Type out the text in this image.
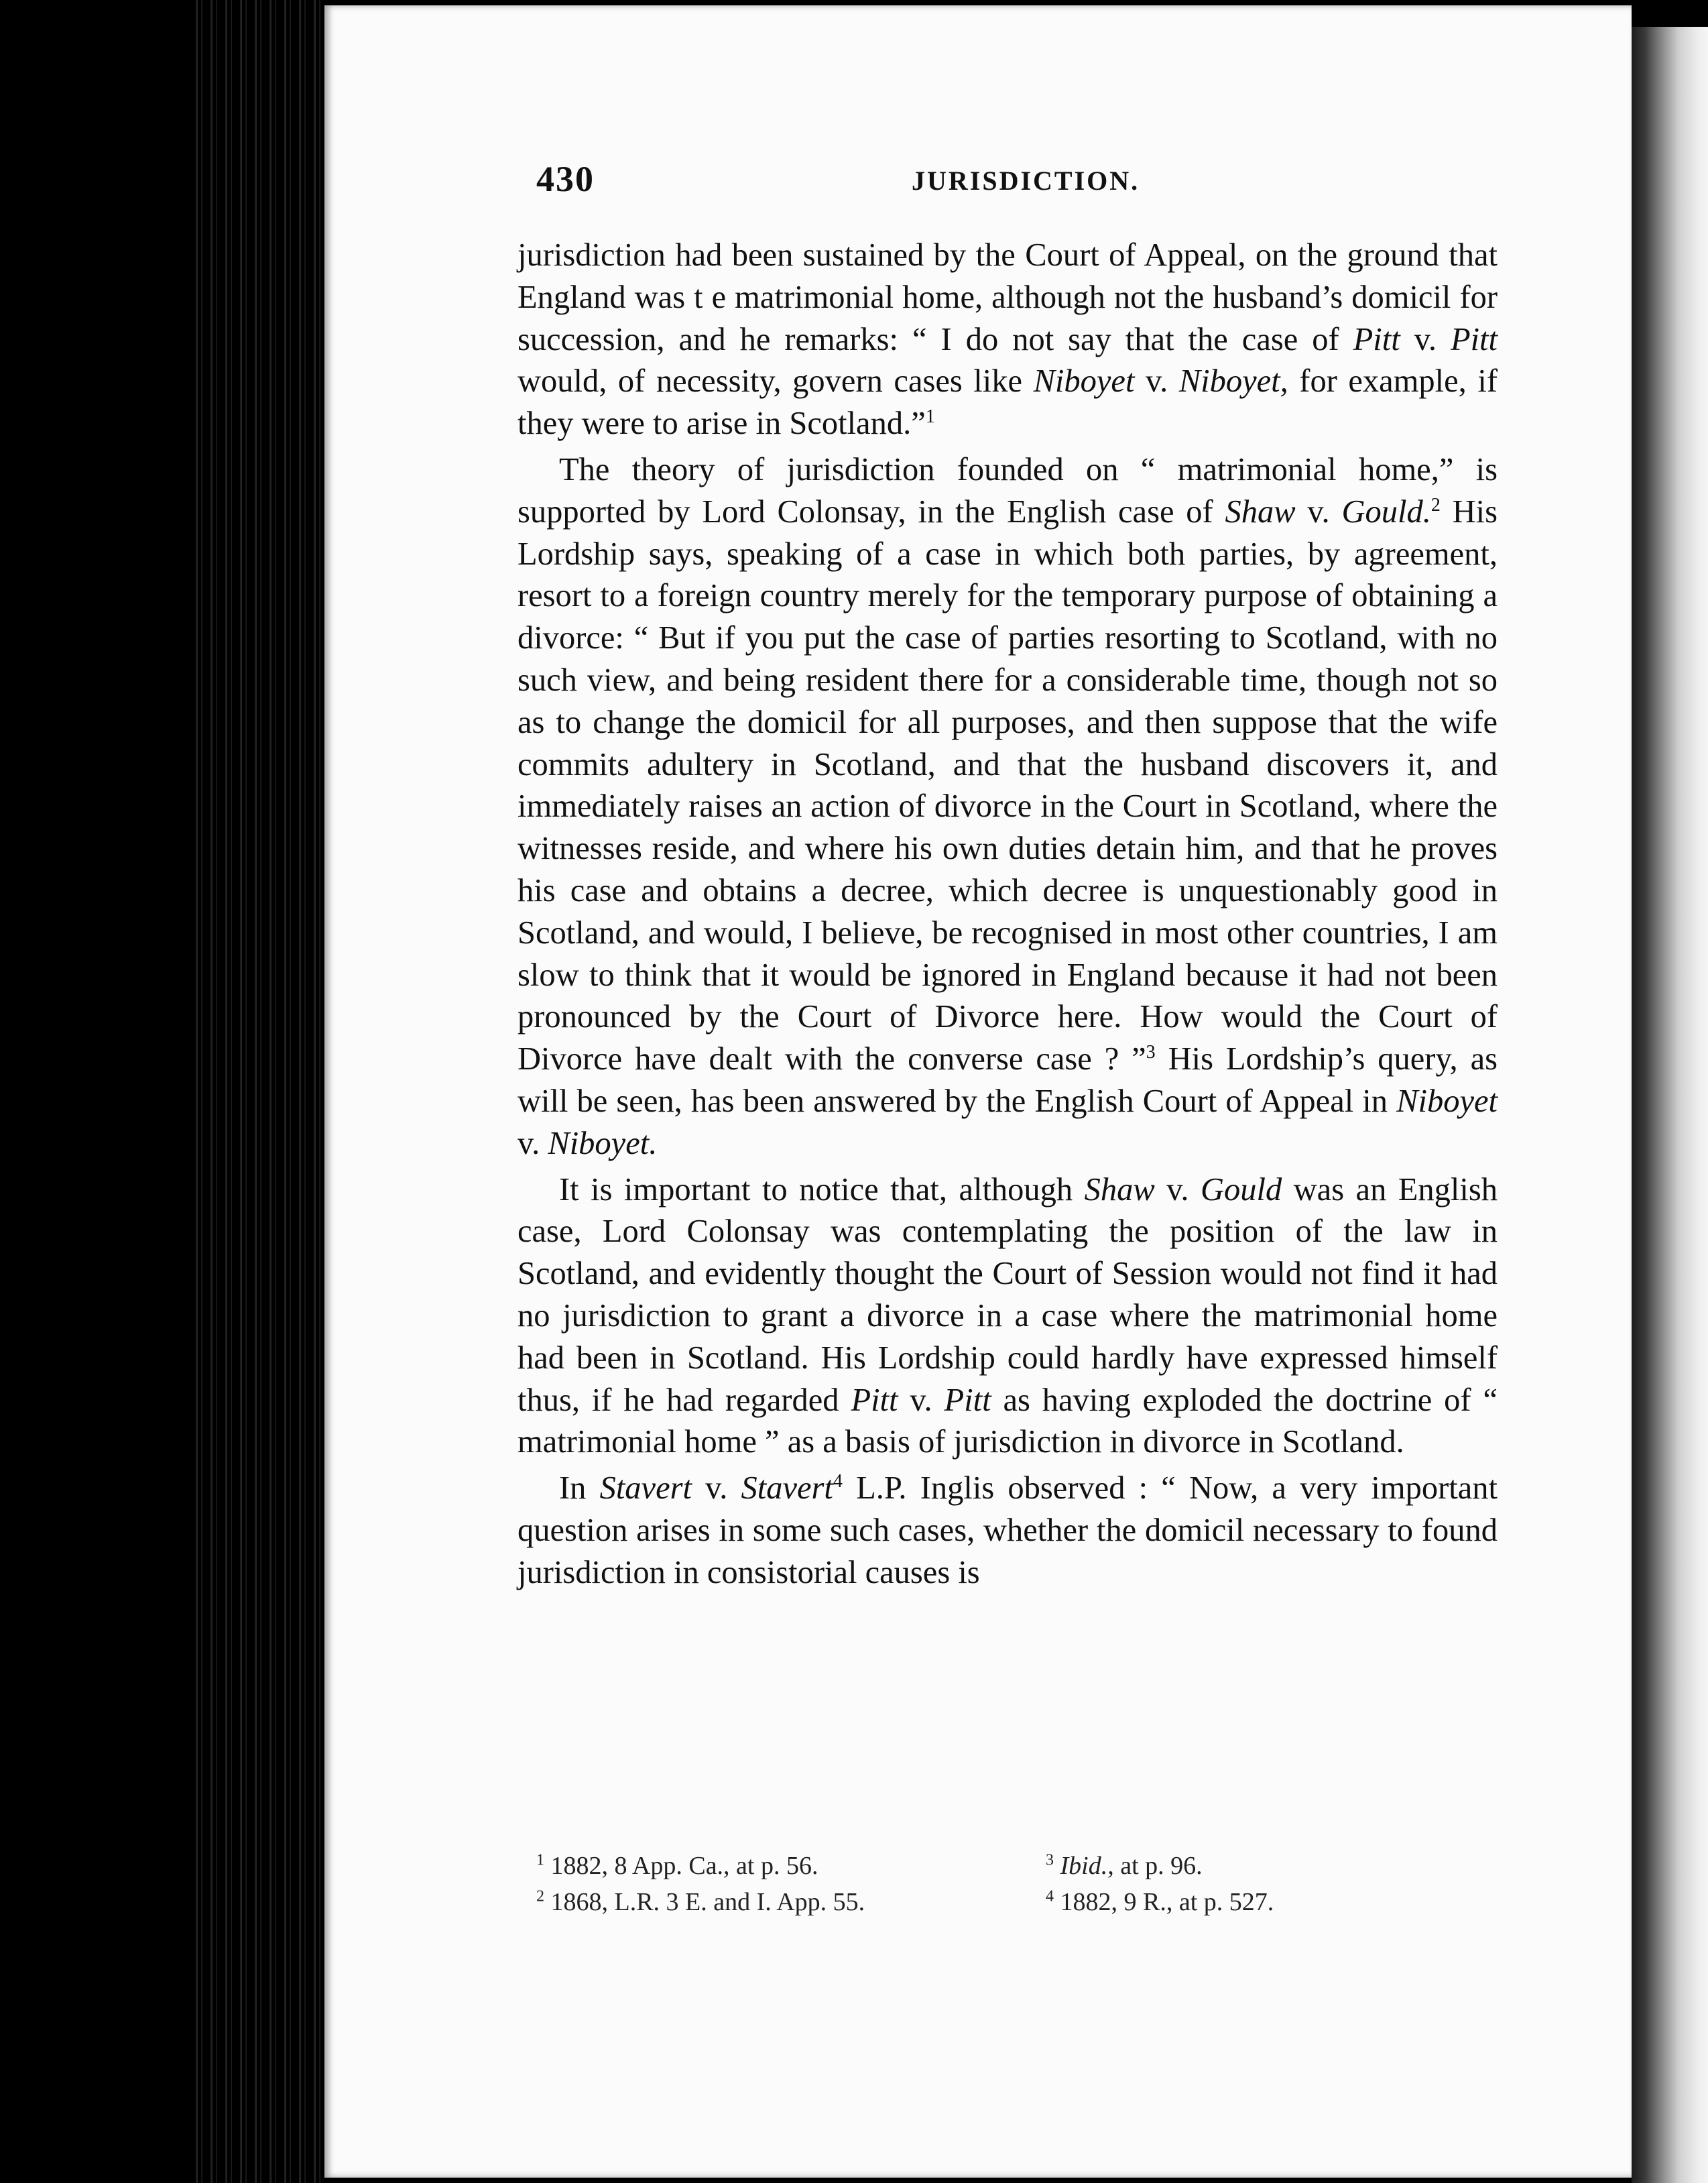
430	JURISDICTION.

jurisdiction had been sustained by the Court of Appeal, on the ground that England was t e matrimonial home, although not the husband’s domicil for succession, and he remarks: “ I do not say that the case of Pitt v. Pitt would, of necessity, govern cases like Niboyet v. Niboyet, for example, if they were to arise in Scotland.”$^1$

The theory of jurisdiction founded on “ matrimonial home,” is supported by Lord Colonsay, in the English case of Shaw v. Gould.$^2$ His Lordship says, speaking of a case in which both parties, by agreement, resort to a foreign country merely for the temporary purpose of obtaining a divorce: “ But if you put the case of parties resorting to Scotland, with no such view, and being resident there for a considerable time, though not so as to change the domicil for all purposes, and then suppose that the wife commits adultery in Scotland, and that the husband discovers it, and immediately raises an action of divorce in the Court in Scotland, where the witnesses reside, and where his own duties detain him, and that he proves his case and obtains a decree, which decree is unquestionably good in Scotland, and would, I believe, be recognised in most other countries, I am slow to think that it would be ignored in England because it had not been pronounced by the Court of Divorce here. How would the Court of Divorce have dealt with the converse case ? ”$^3$ His Lordship’s query, as will be seen, has been answered by the English Court of Appeal in Niboyet v. Niboyet.

It is important to notice that, although Shaw v. Gould was an English case, Lord Colonsay was contemplating the position of the law in Scotland, and evidently thought the Court of Session would not find it had no jurisdiction to grant a divorce in a case where the matrimonial home had been in Scotland. His Lordship could hardly have expressed himself thus, if he had regarded Pitt v. Pitt as having exploded the doctrine of “ matrimonial home ” as a basis of jurisdiction in divorce in Scotland.

In Stavert v. Stavert$^4$ L.P. Inglis observed : “ Now, a very important question arises in some such cases, whether the domicil necessary to found jurisdiction in consistorial causes is

$^1$ 1882, 8 App. Ca., at p. 56.
$^2$ 1868, L.R. 3 E. and I. App. 55.
$^3$ Ibid., at p. 96.
$^4$ 1882, 9 R., at p. 527.
